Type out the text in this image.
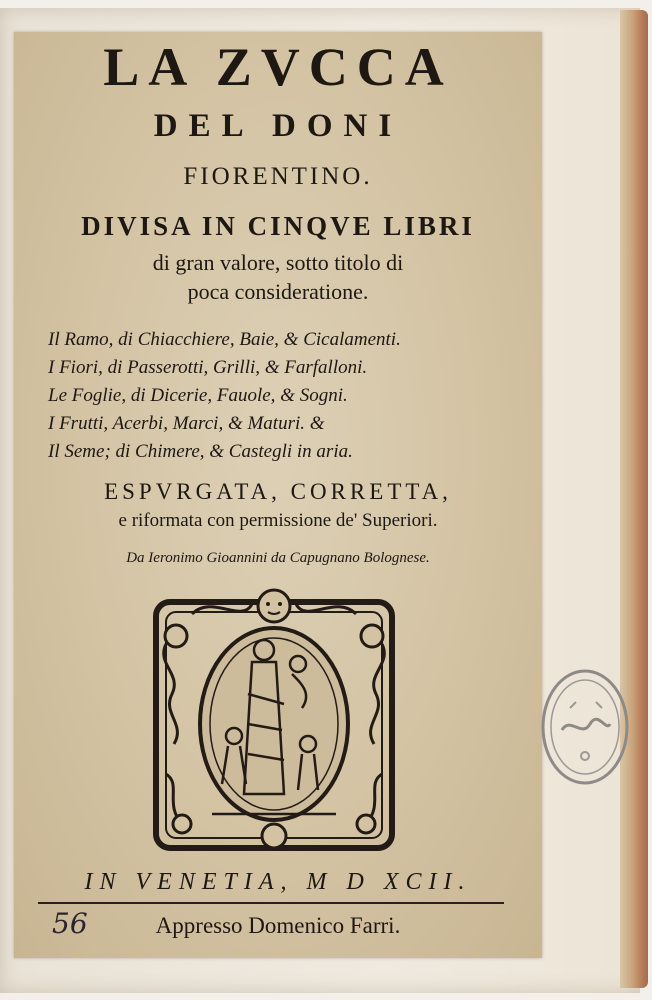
LA ZVCCA
DEL DONI
FIORENTINO.
DIVISA IN CINQVE LIBRI
di gran valore, sotto titolo di
poca consideratione.
Il Ramo, di Chiacchiere, Baie, & Cicalamenti.
I Fiori, di Passerotti, Grilli, & Farfalloni.
Le Foglie, di Dicerie, Fauole, & Sogni.
I Frutti, Acerbi, Marci, & Maturi. &
Il Seme; di Chimere, & Castegli in aria.
ESPVRGATA, CORRETTA,
e riformata con permissione de' Superiori.
Da Ieronimo Gioannini da Capugnano Bolognese.
IN VENETIA, M D XCII.
Appresso Domenico Farri.
56
